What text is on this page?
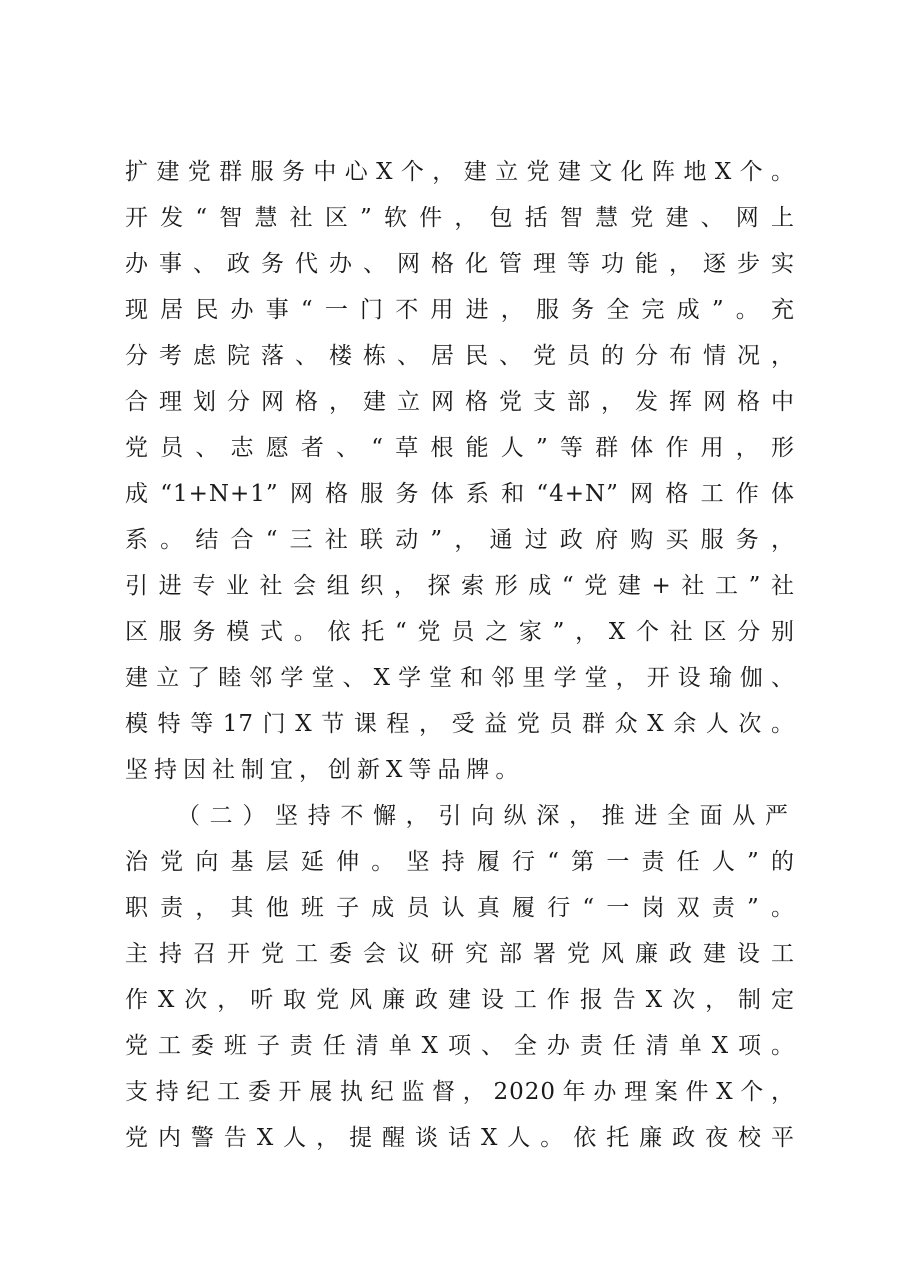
扩建党群服务中心X个，建立党建文化阵地X个。
开发“智慧社区”软件，包括智慧党建、网上
办事、政务代办、网格化管理等功能，逐步实
现居民办事“一门不用进，服务全完成”。充
分考虑院落、楼栋、居民、党员的分布情况，
合理划分网格，建立网格党支部，发挥网格中
党员、志愿者、“草根能人”等群体作用，形
成“1+N+1”网格服务体系和“4+N”网格工作体
系。结合“三社联动”，通过政府购买服务，
引进专业社会组织，探索形成“党建+社工”社
区服务模式。依托“党员之家”，X个社区分别
建立了睦邻学堂、X学堂和邻里学堂，开设瑜伽、
模特等17门X节课程，受益党员群众X余人次。
坚持因社制宜，创新X等品牌。
（二）坚持不懈，引向纵深，推进全面从严
治党向基层延伸。坚持履行“第一责任人”的
职责，其他班子成员认真履行“一岗双责”。
主持召开党工委会议研究部署党风廉政建设工
作X次，听取党风廉政建设工作报告X次，制定
党工委班子责任清单X项、全办责任清单X项。
支持纪工委开展执纪监督，2020年办理案件X个，
党内警告X人，提醒谈话X人。依托廉政夜校平
